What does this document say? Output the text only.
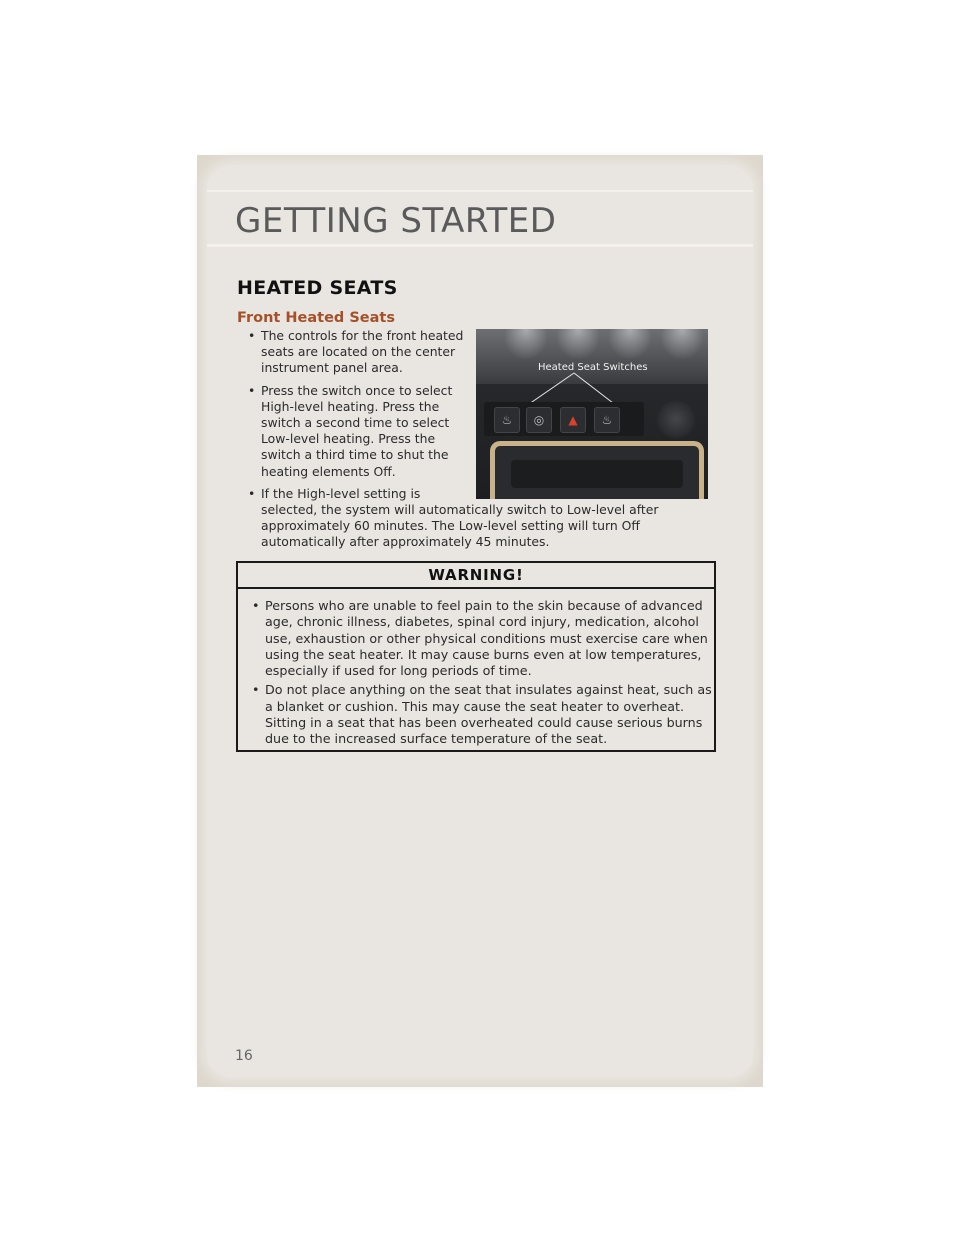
GETTING STARTED
HEATED SEATS
Front Heated Seats
Heated Seat Switches
♨	◎	▲	♨
• The controls for the front heated seats are located on the center instrument panel area.
• Press the switch once to select High-level heating. Press the switch a second time to select Low-level heating. Press the switch a third time to shut the heating elements Off.
• If the High-level setting is selected, the system will automatically switch to Low-level after approximately 60 minutes. The Low-level setting will turn Off automatically after approximately 45 minutes.
WARNING!
• Persons who are unable to feel pain to the skin because of advanced age, chronic illness, diabetes, spinal cord injury, medication, alcohol use, exhaustion or other physical conditions must exercise care when using the seat heater. It may cause burns even at low temperatures, especially if used for long periods of time.
• Do not place anything on the seat that insulates against heat, such as a blanket or cushion. This may cause the seat heater to overheat. Sitting in a seat that has been overheated could cause serious burns due to the increased surface temperature of the seat.
16
